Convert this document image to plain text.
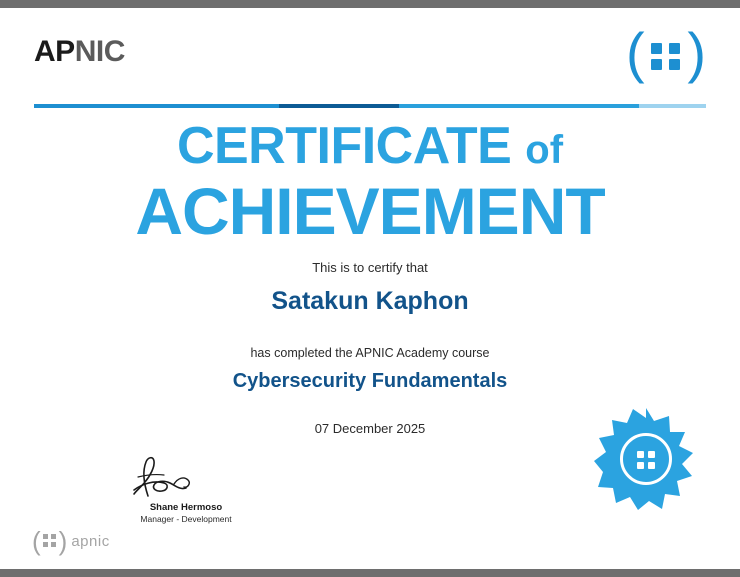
APNIC	( )
CERTIFICATE of
ACHIEVEMENT

This is to certify that

Satakun Kaphon

has completed the APNIC Academy course

Cybersecurity Fundamentals

07 December 2025

Shane Hermoso

Manager - Development

( ) apnic
